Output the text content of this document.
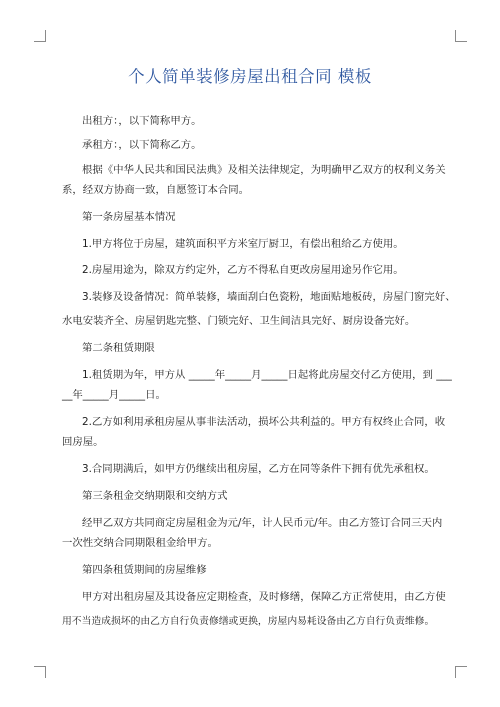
个人简单装修房屋出租合同 模板
出租方：，以下简称甲方。
承租方：，以下简称乙方。
根据《中华人民共和国民法典》及相关法律规定，为明确甲乙双方的权利义务关
系，经双方协商一致，自愿签订本合同。
第一条房屋基本情况
1.甲方将位于房屋，建筑面积平方米室厅厨卫，有偿出租给乙方使用。
2.房屋用途为，除双方约定外，乙方不得私自更改房屋用途另作它用。
3.装修及设备情况：简单装修，墙面刮白色瓷粉，地面贴地板砖，房屋门窗完好、
水电安装齐全、房屋钥匙完整、门锁完好、卫生间洁具完好、厨房设备完好。
第二条租赁期限
1.租赁期为年，甲方从 _____年_____月_____日起将此房屋交付乙方使用，到 ___
__年_____月_____日。
2.乙方如利用承租房屋从事非法活动，损坏公共利益的。甲方有权终止合同，收
回房屋。
3.合同期满后，如甲方仍继续出租房屋，乙方在同等条件下拥有优先承租权。
第三条租金交纳期限和交纳方式
经甲乙双方共同商定房屋租金为元/年，计人民币元/年。由乙方签订合同三天内
一次性交纳合同期限租金给甲方。
第四条租赁期间的房屋维修
甲方对出租房屋及其设备应定期检查，及时修缮，保障乙方正常使用，由乙方使
用不当造成损坏的由乙方自行负责修缮或更换，房屋内易耗设备由乙方自行负责维修。
